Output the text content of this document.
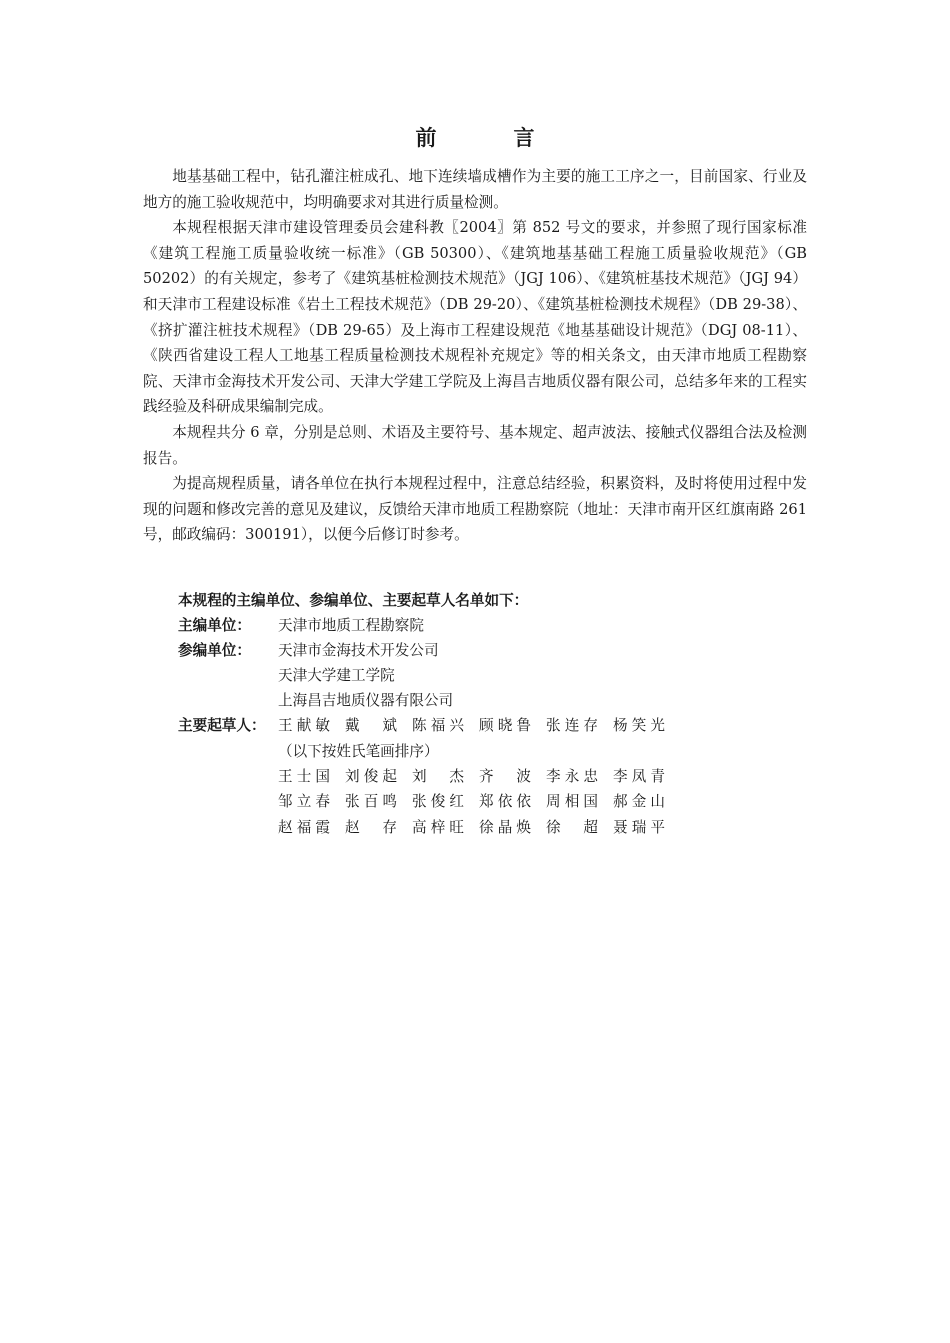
前　言

地基基础工程中，钻孔灌注桩成孔、地下连续墙成槽作为主要的施工工序之一，目前国家、行业及地方的施工验收规范中，均明确要求对其进行质量检测。

本规程根据天津市建设管理委员会建科教〖2004〗第 852 号文的要求，并参照了现行国家标准《建筑工程施工质量验收统一标准》（GB 50300）、《建筑地基基础工程施工质量验收规范》（GB 50202）的有关规定，参考了《建筑基桩检测技术规范》（JGJ 106）、《建筑桩基技术规范》（JGJ 94）和天津市工程建设标准《岩土工程技术规范》（DB 29-20）、《建筑基桩检测技术规程》（DB 29-38）、《挤扩灌注桩技术规程》（DB 29-65）及上海市工程建设规范《地基基础设计规范》（DGJ 08-11）、《陕西省建设工程人工地基工程质量检测技术规程补充规定》等的相关条文，由天津市地质工程勘察院、天津市金海技术开发公司、天津大学建工学院及上海昌吉地质仪器有限公司，总结多年来的工程实践经验及科研成果编制完成。

本规程共分 6 章，分别是总则、术语及主要符号、基本规定、超声波法、接触式仪器组合法及检测报告。

为提高规程质量，请各单位在执行本规程过程中，注意总结经验，积累资料，及时将使用过程中发现的问题和修改完善的意见及建议，反馈给天津市地质工程勘察院（地址：天津市南开区红旗南路 261 号，邮政编码：300191），以便今后修订时参考。

本规程的主编单位、参编单位、主要起草人名单如下：
主编单位：	天津市地质工程勘察院
参编单位：	天津市金海技术开发公司
天津大学建工学院
上海昌吉地质仪器有限公司
主要起草人： 王献敏 戴　斌 陈福兴 顾晓鲁 张连存 杨笑光
（以下按姓氏笔画排序）
王士国 刘俊起 刘　杰 齐　波 李永忠 李凤青
邹立春 张百鸣 张俊红 郑依依 周相国 郝金山
赵福霞 赵　存 高梓旺 徐晶焕 徐　超 聂瑞平
